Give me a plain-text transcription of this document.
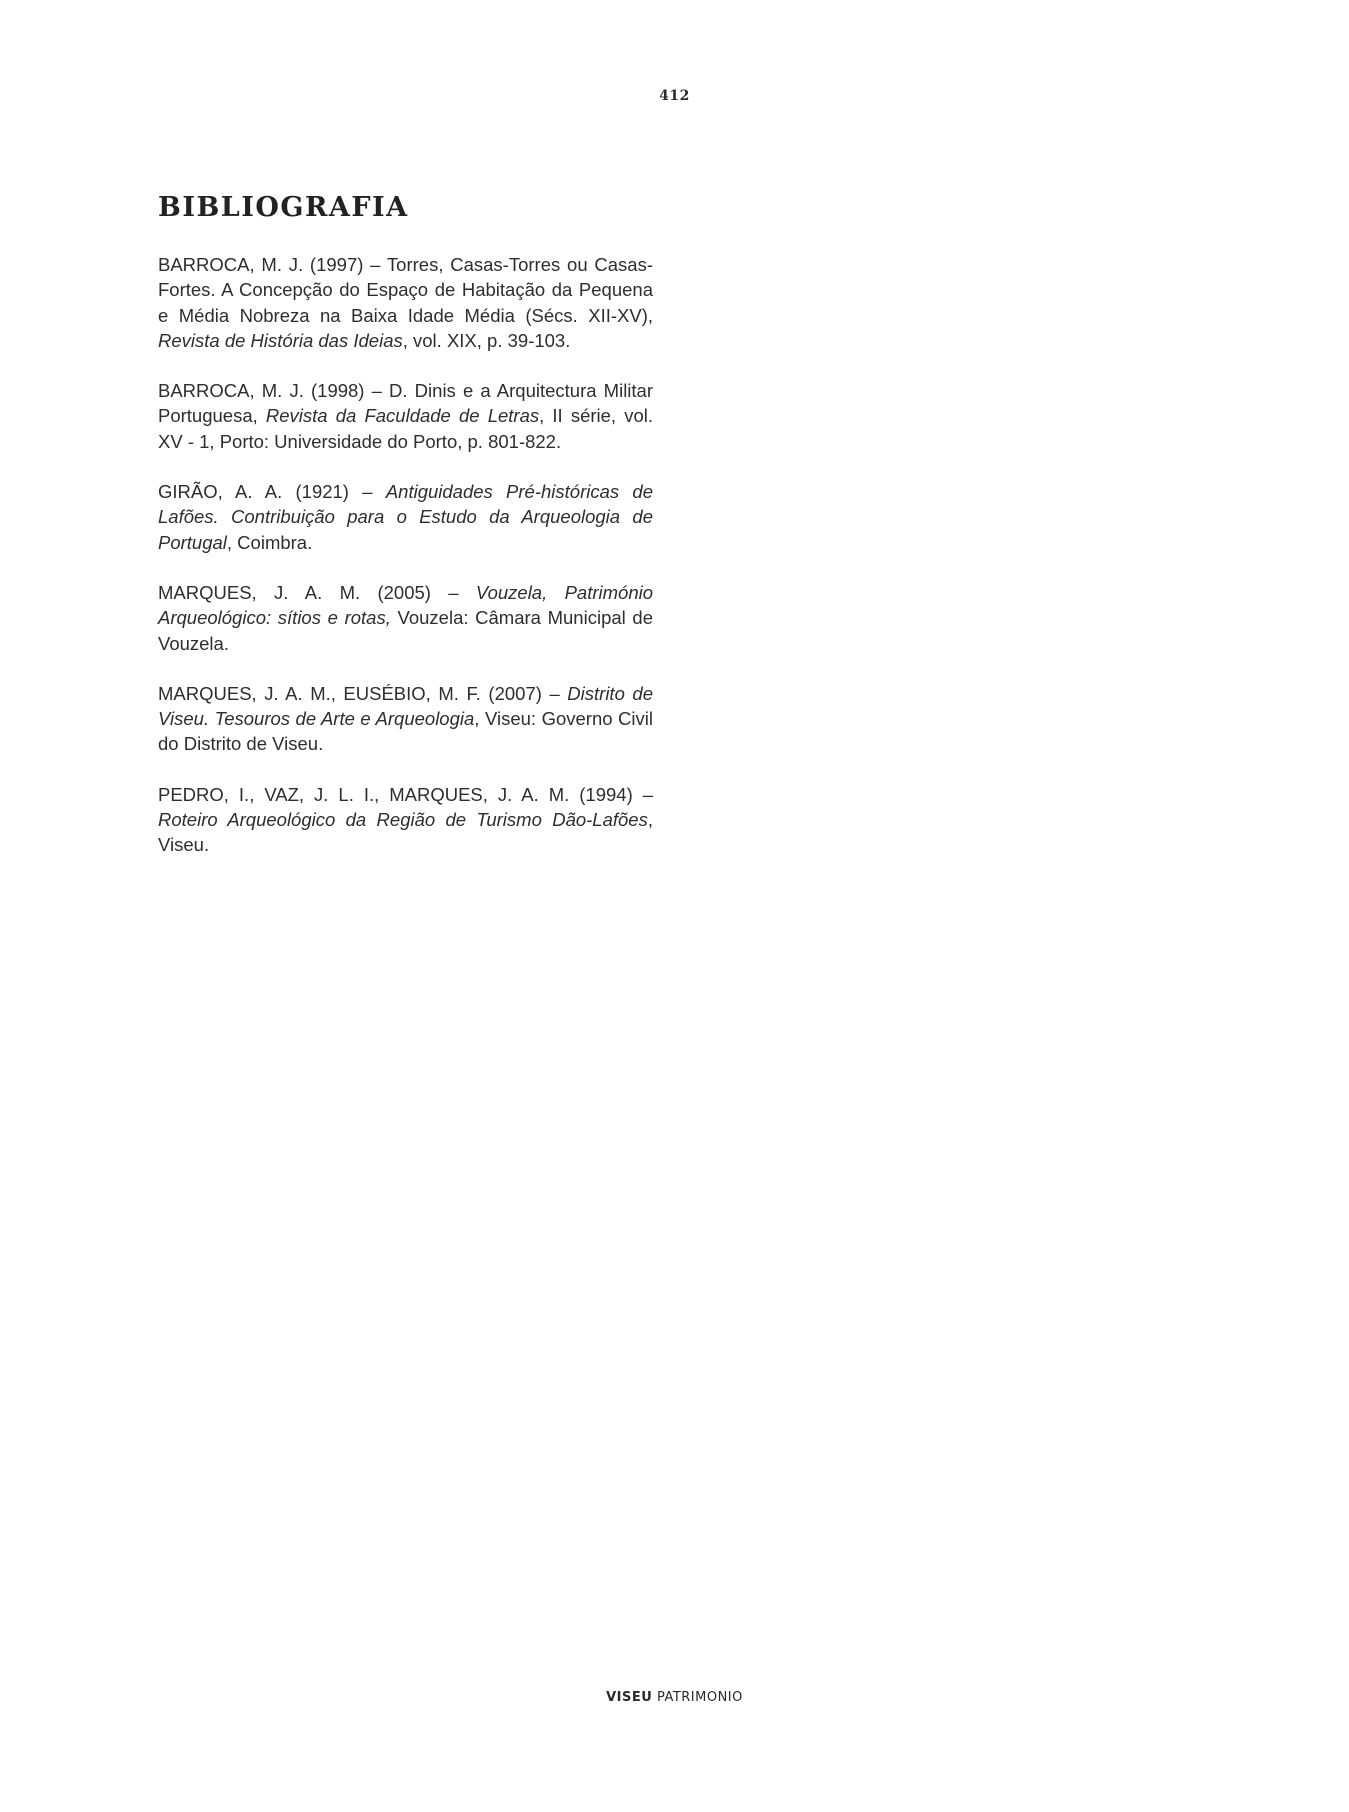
412
BIBLIOGRAFIA
BARROCA, M. J. (1997) – Torres, Casas-Torres ou Casas-Fortes. A Concepção do Espaço de Habitação da Pequena e Média Nobreza na Baixa Idade Média (Sécs. XII-XV), Revista de História das Ideias, vol. XIX, p. 39-103.
BARROCA, M. J. (1998) – D. Dinis e a Arquitectura Militar Portuguesa, Revista da Faculdade de Letras, II série, vol. XV - 1, Porto: Universidade do Porto, p. 801-822.
GIRÃO, A. A. (1921) – Antiguidades Pré-históricas de Lafões. Contribuição para o Estudo da Arqueologia de Portugal, Coimbra.
MARQUES, J. A. M. (2005) – Vouzela, Património Arqueológico: sítios e rotas, Vouzela: Câmara Municipal de Vouzela.
MARQUES, J. A. M., EUSÉBIO, M. F. (2007) – Distrito de Viseu. Tesouros de Arte e Arqueologia, Viseu: Governo Civil do Distrito de Viseu.
PEDRO, I., VAZ, J. L. I., MARQUES, J. A. M. (1994) – Roteiro Arqueológico da Região de Turismo Dão-Lafões, Viseu.
VISEU PATRIMONIO
